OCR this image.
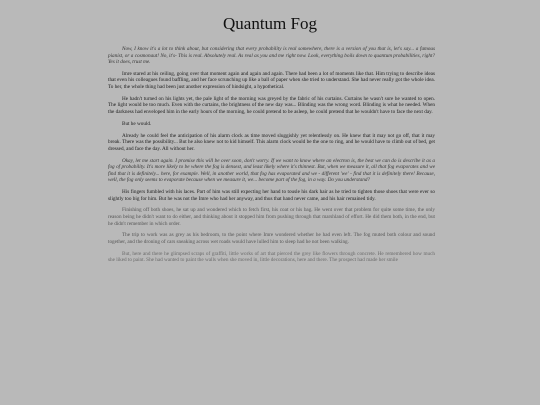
Quantum Fog

Now, I know it's a lot to think about, but considering that every probability is real somewhere, there is a version of you that is, let's say... a famous pianist, or a cosmonaut! No, it's- This is real. Absolutely real. As real as you and me right now. Look, everything boils down to quantum probabilities, right? Yes it does, trust me.

Imre stared at his ceiling, going over that moment again and again and again. There had been a lot of moments like that. Him trying to describe ideas that even his colleagues found baffling, and her face scrunching up like a ball of paper when she tried to understand. She had never really got the whole idea. To her, the whole thing had been just another expression of hindsight, a hypothetical.

He hadn't turned on his lights yet, the pale light of the morning was greyed by the fabric of his curtains. Curtains he wasn't sure he wanted to open. The light would be too much. Even with the curtains, the brightness of the new day was... Blinding was the wrong word. Blinding is what he needed. When the darkness had enveloped him in the early hours of the morning, he could pretend to be asleep, he could pretend that he wouldn't have to face the next day.

But he would.

Already he could feel the anticipation of his alarm clock as time moved sluggishly yet relentlessly on. He knew that it may not go off, that it may break. There was the possibility... But he also knew not to kid himself. This alarm clock would be the one to ring, and he would have to climb out of bed, get dressed, and face the day. All without her.

Okay, let me start again. I promise this will be over soon, don't worry. If we want to know where an electron is, the best we can do is describe it as a fog of probability. It's more likely to be where the fog is densest, and least likely where it's thinnest. But, when we measure it, all that fog evaporates and we find that it is definitely... here, for example. Well, in another world, that fog has evaporated and we - different 'we' - find that it is definitely there! Because, well, the fog only seems to evaporate because when we measure it, we... become part of the fog, in a way. Do you understand?

His fingers fumbled with his laces. Part of him was still expecting her hand to tousle his dark hair as he tried to tighten those shoes that were ever so slightly too big for him. But he was not the Imre who had her anyway, and thus that hand never came, and his hair remained tidy.

Finishing off both shoes, he sat up and wondered which to fetch first, his coat or his bag. He went over that problem for quite some time, the only reason being he didn't want to do either, and thinking about it stopped him from pushing through that marshland of effort. He did them both, in the end, but he didn't remember in which order.

The trip to work was as grey as his bedroom, to the point where Imre wondered whether he had even left. The fog muted both colour and sound together, and the droning of cars sneaking across wet roads would have lulled him to sleep had he not been walking.

But, here and there he glimpsed scraps of graffiti, little works of art that pierced the grey like flowers through concrete. He remembered how much she liked to paint. She had wanted to paint the walls when she moved in, little decorations, here and there. The prospect had made her smile
